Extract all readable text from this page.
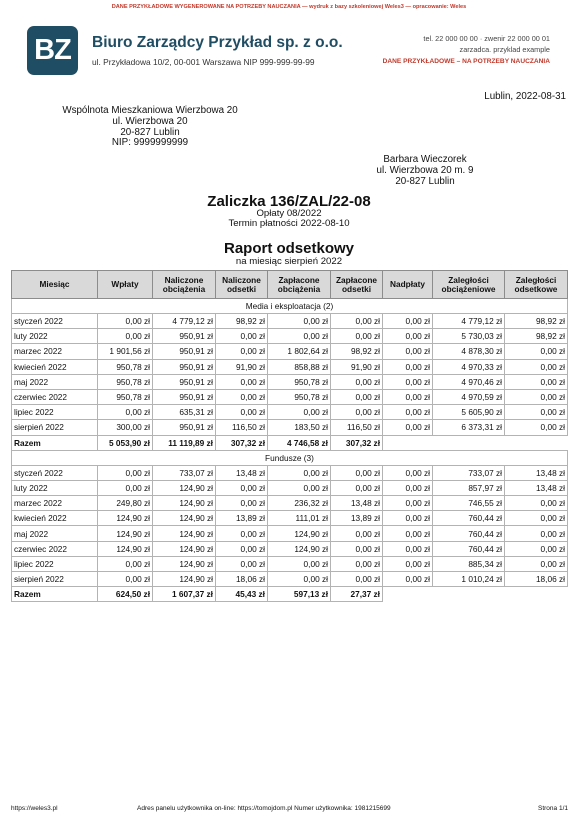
DANE PRZYKŁADOWE WYGENEROWANE NA POTRZEBY NAUCZANIA — wydruk z bazy szkoleniowej Weles3 — opracowanie: Weles
BZ	Biuro Zarządcy Przykład sp. z o.o.
ul. Przykładowa 10/2, 00-001 Warszawa NIP 999-999-99-99
tel. 22 000 00 00 · zwenir 22 000 00 01
zarzadca. przyklad example
DANE PRZYKŁADOWE – NA POTRZEBY NAUCZANIA
Lublin, 2022-08-31
Wspólnota Mieszkaniowa Wierzbowa 20
ul. Wierzbowa 20
20-827 Lublin
NIP: 9999999999
Barbara Wieczorek
ul. Wierzbowa 20 m. 9
20-827 Lublin
Zaliczka 136/ZAL/22-08
Opłaty 08/2022
Termin płatności 2022-08-10
Raport odsetkowy
na miesiąc sierpień 2022
Miesiąc	Wpłaty	Naliczone obciążenia	Naliczone odsetki	Zapłacone obciążenia	Zapłacone odsetki	Nadpłaty	Zaległości obciążeniowe	Zaległości odsetkowe
Media i eksploatacja (2)								
styczeń 2022	0,00 zł	4 779,12 zł	98,92 zł	0,00 zł	0,00 zł	0,00 zł	4 779,12 zł	98,92 zł
luty 2022	0,00 zł	950,91 zł	0,00 zł	0,00 zł	0,00 zł	0,00 zł	5 730,03 zł	98,92 zł
marzec 2022	1 901,56 zł	950,91 zł	0,00 zł	1 802,64 zł	98,92 zł	0,00 zł	4 878,30 zł	0,00 zł
kwiecień 2022	950,78 zł	950,91 zł	91,90 zł	858,88 zł	91,90 zł	0,00 zł	4 970,33 zł	0,00 zł
maj 2022	950,78 zł	950,91 zł	0,00 zł	950,78 zł	0,00 zł	0,00 zł	4 970,46 zł	0,00 zł
czerwiec 2022	950,78 zł	950,91 zł	0,00 zł	950,78 zł	0,00 zł	0,00 zł	4 970,59 zł	0,00 zł
lipiec 2022	0,00 zł	635,31 zł	0,00 zł	0,00 zł	0,00 zł	0,00 zł	5 605,90 zł	0,00 zł
sierpień 2022	300,00 zł	950,91 zł	116,50 zł	183,50 zł	116,50 zł	0,00 zł	6 373,31 zł	0,00 zł
Razem	5 053,90 zł	11 119,89 zł	307,32 zł	4 746,58 zł	307,32 zł			
Fundusze (3)								
styczeń 2022	0,00 zł	733,07 zł	13,48 zł	0,00 zł	0,00 zł	0,00 zł	733,07 zł	13,48 zł
luty 2022	0,00 zł	124,90 zł	0,00 zł	0,00 zł	0,00 zł	0,00 zł	857,97 zł	13,48 zł
marzec 2022	249,80 zł	124,90 zł	0,00 zł	236,32 zł	13,48 zł	0,00 zł	746,55 zł	0,00 zł
kwiecień 2022	124,90 zł	124,90 zł	13,89 zł	111,01 zł	13,89 zł	0,00 zł	760,44 zł	0,00 zł
maj 2022	124,90 zł	124,90 zł	0,00 zł	124,90 zł	0,00 zł	0,00 zł	760,44 zł	0,00 zł
czerwiec 2022	124,90 zł	124,90 zł	0,00 zł	124,90 zł	0,00 zł	0,00 zł	760,44 zł	0,00 zł
lipiec 2022	0,00 zł	124,90 zł	0,00 zł	0,00 zł	0,00 zł	0,00 zł	885,34 zł	0,00 zł
sierpień 2022	0,00 zł	124,90 zł	18,06 zł	0,00 zł	0,00 zł	0,00 zł	1 010,24 zł	18,06 zł
Razem	624,50 zł	1 607,37 zł	45,43 zł	597,13 zł	27,37 zł			
https://weles3.pl	Adres panelu użytkownika on-line: https://tomojdom.pl Numer użytkownika: 1981215699	Strona 1/1
